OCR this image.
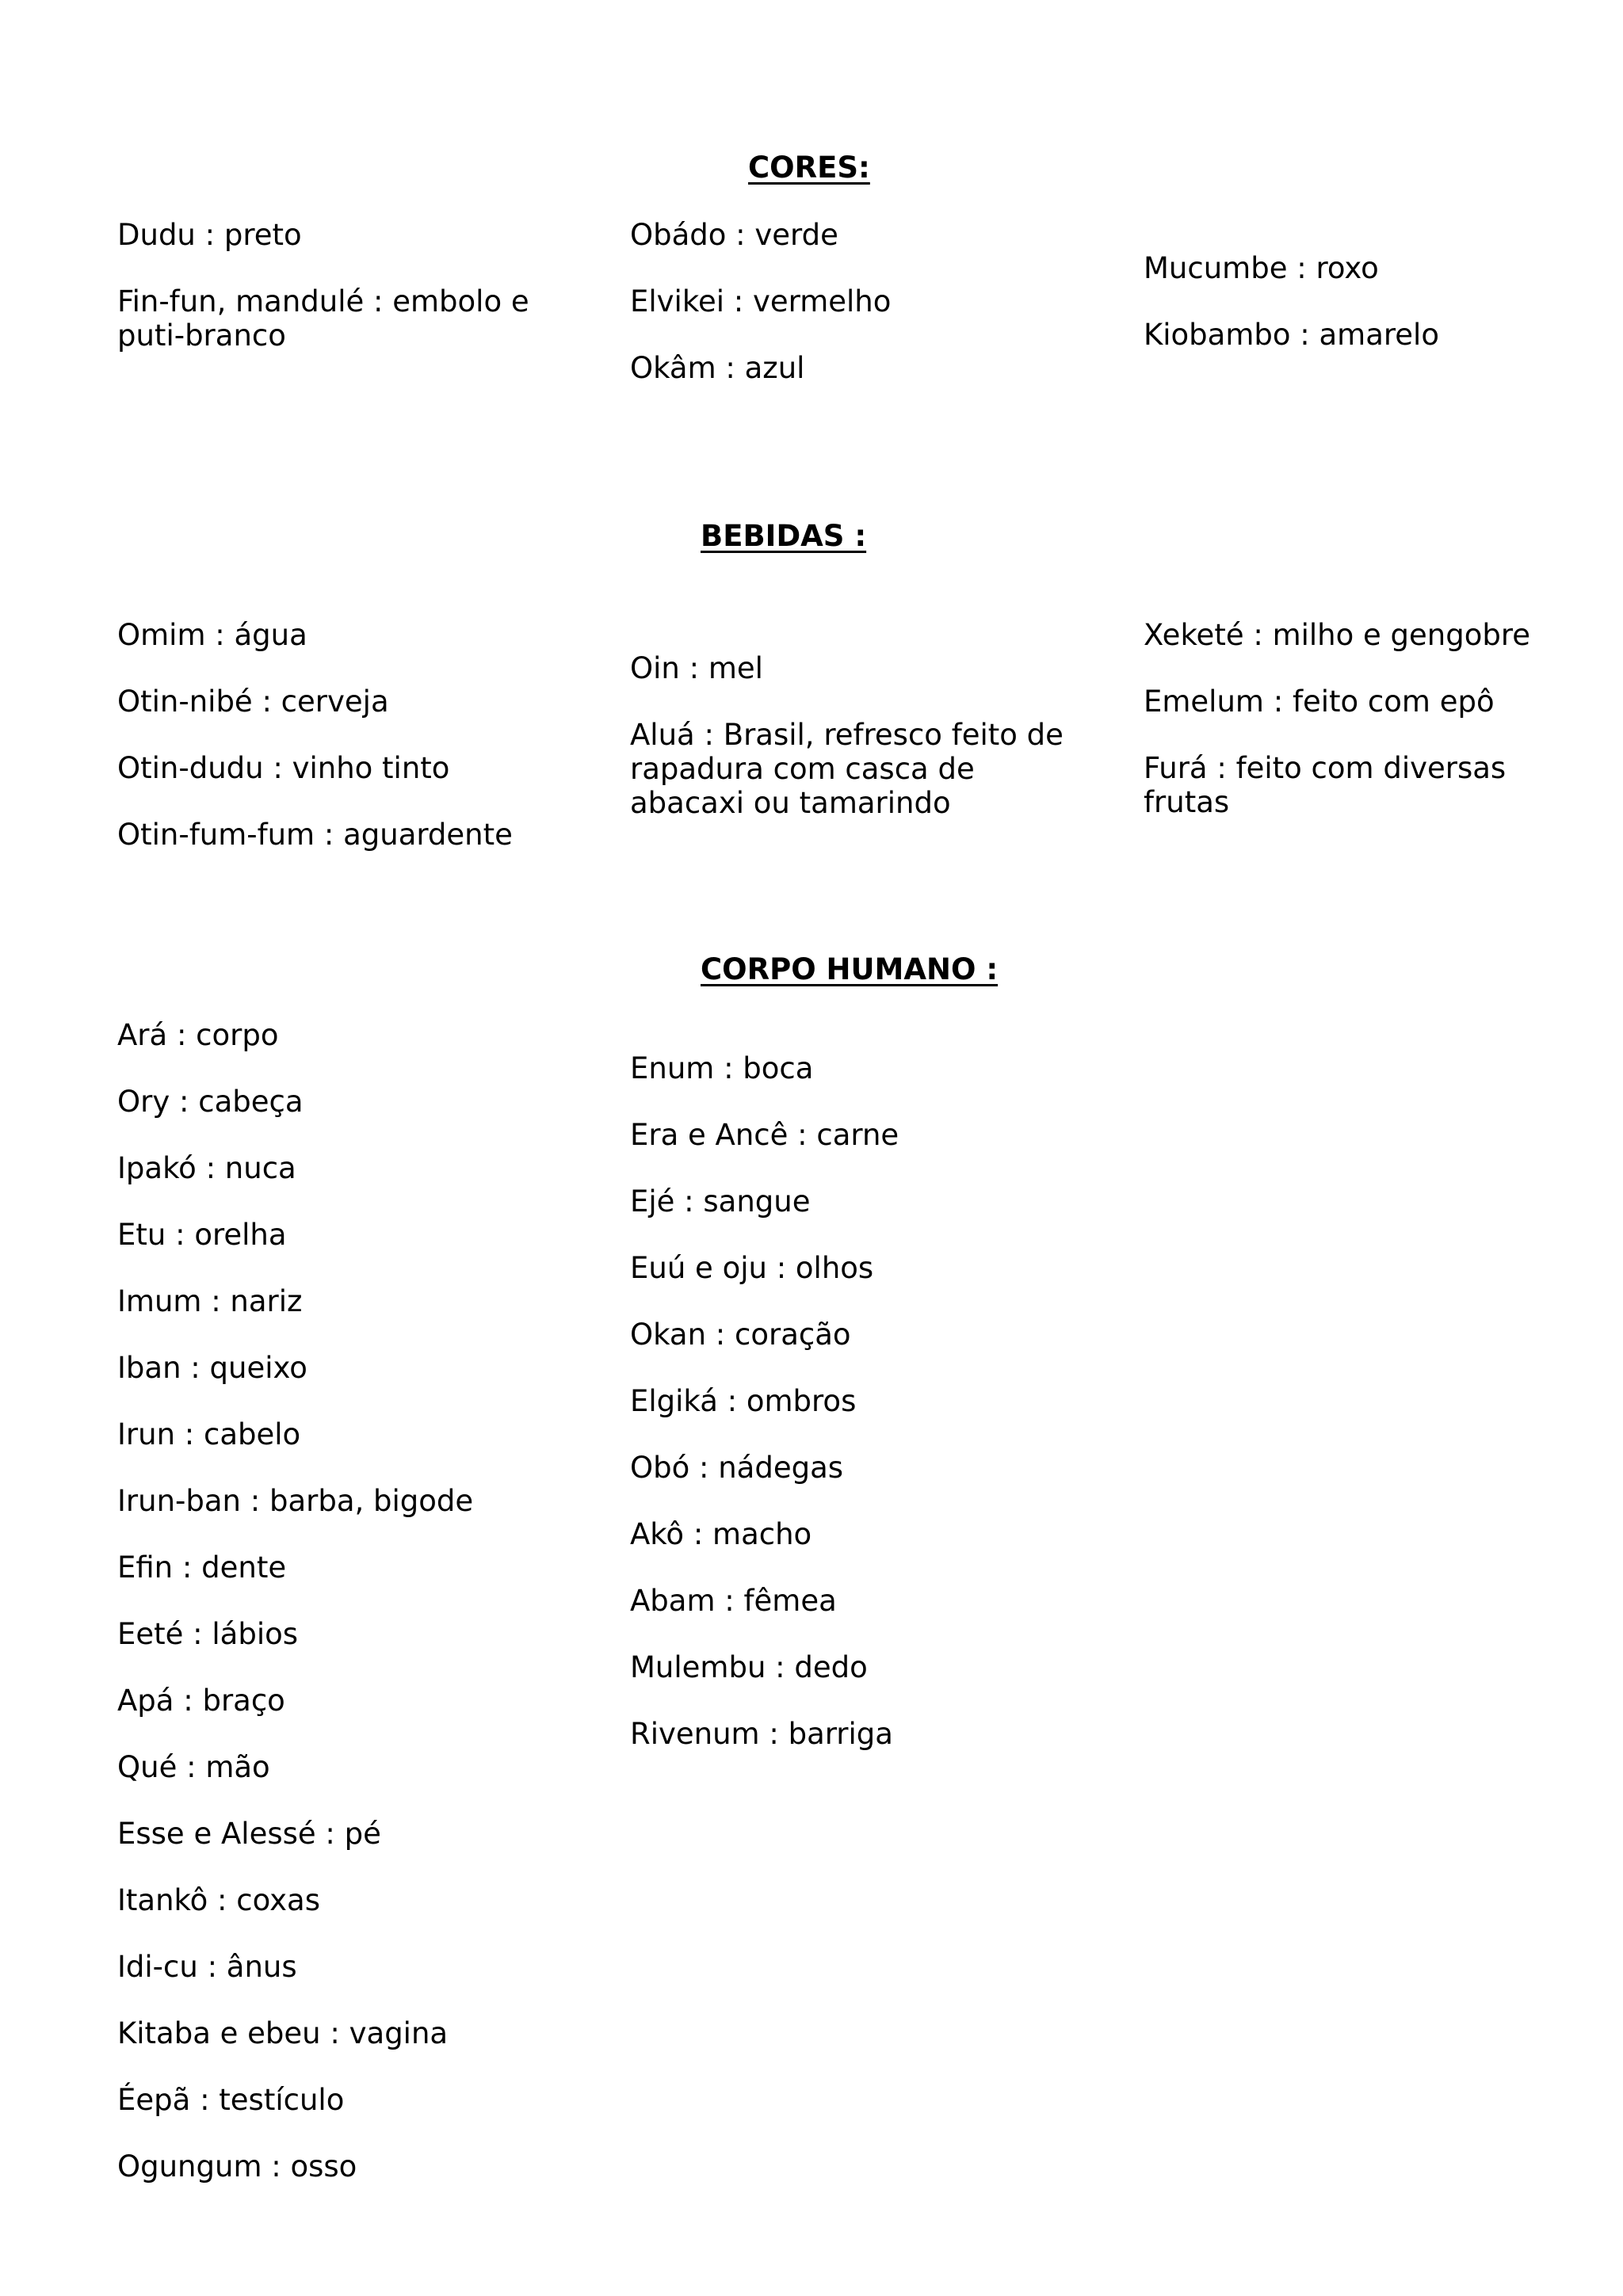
CORES:
Dudu : preto
Fin-fun, mandulé : embolo e puti-branco
Obádo : verde
Elvikei : vermelho
Okâm : azul
Mucumbe : roxo
Kiobambo : amarelo
BEBIDAS :
Omim : água
Otin-nibé : cerveja
Otin-dudu : vinho tinto
Otin-fum-fum : aguardente
Oin : mel
Aluá : Brasil, refresco feito de rapadura com casca de abacaxi ou tamarindo
Xeketé : milho e gengobre
Emelum : feito com epô
Furá : feito com diversas frutas
CORPO HUMANO :
Ará : corpo
Ory : cabeça
Ipakó : nuca
Etu : orelha
Imum : nariz
Iban : queixo
Irun : cabelo
Irun-ban : barba, bigode
Efin : dente
Eeté : lábios
Apá : braço
Qué : mão
Esse e Alessé : pé
Itankô : coxas
Idi-cu : ânus
Kitaba e ebeu : vagina
Éepã : testículo
Ogungum : osso
Enum : boca
Era e Ancê : carne
Ejé : sangue
Euú e oju : olhos
Okan : coração
Elgiká : ombros
Obó : nádegas
Akô : macho
Abam : fêmea
Mulembu : dedo
Rivenum : barriga
